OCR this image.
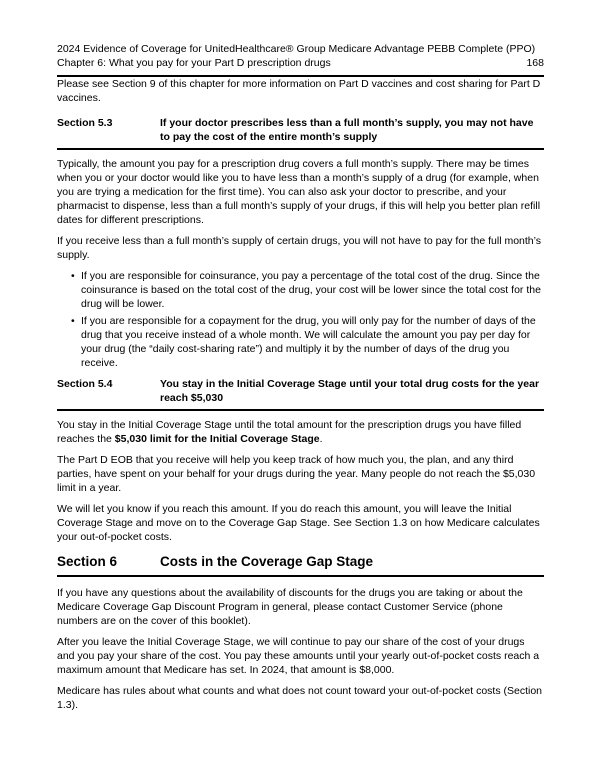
2024 Evidence of Coverage for UnitedHealthcare® Group Medicare Advantage PEBB Complete (PPO)
Chapter 6: What you pay for your Part D prescription drugs	168

Please see Section 9 of this chapter for more information on Part D vaccines and cost sharing for Part D vaccines.

Section 5.3	If your doctor prescribes less than a full month’s supply, you may not have to pay the cost of the entire month’s supply

Typically, the amount you pay for a prescription drug covers a full month’s supply. There may be times when you or your doctor would like you to have less than a month’s supply of a drug (for example, when you are trying a medication for the first time). You can also ask your doctor to prescribe, and your pharmacist to dispense, less than a full month’s supply of your drugs, if this will help you better plan refill dates for different prescriptions.

If you receive less than a full month’s supply of certain drugs, you will not have to pay for the full month’s supply.

• If you are responsible for coinsurance, you pay a percentage of the total cost of the drug. Since the coinsurance is based on the total cost of the drug, your cost will be lower since the total cost for the drug will be lower.
• If you are responsible for a copayment for the drug, you will only pay for the number of days of the drug that you receive instead of a whole month. We will calculate the amount you pay per day for your drug (the “daily cost-sharing rate”) and multiply it by the number of days of the drug you receive.
Section 5.4	You stay in the Initial Coverage Stage until your total drug costs for the year reach $5,030

You stay in the Initial Coverage Stage until the total amount for the prescription drugs you have filled reaches the $5,030 limit for the Initial Coverage Stage.

The Part D EOB that you receive will help you keep track of how much you, the plan, and any third parties, have spent on your behalf for your drugs during the year. Many people do not reach the $5,030 limit in a year.

We will let you know if you reach this amount. If you do reach this amount, you will leave the Initial Coverage Stage and move on to the Coverage Gap Stage. See Section 1.3 on how Medicare calculates your out-of-pocket costs.

Section 6	Costs in the Coverage Gap Stage

If you have any questions about the availability of discounts for the drugs you are taking or about the Medicare Coverage Gap Discount Program in general, please contact Customer Service (phone numbers are on the cover of this booklet).

After you leave the Initial Coverage Stage, we will continue to pay our share of the cost of your drugs and you pay your share of the cost. You pay these amounts until your yearly out-of-pocket costs reach a maximum amount that Medicare has set. In 2024, that amount is $8,000.

Medicare has rules about what counts and what does not count toward your out-of-pocket costs (Section 1.3).
